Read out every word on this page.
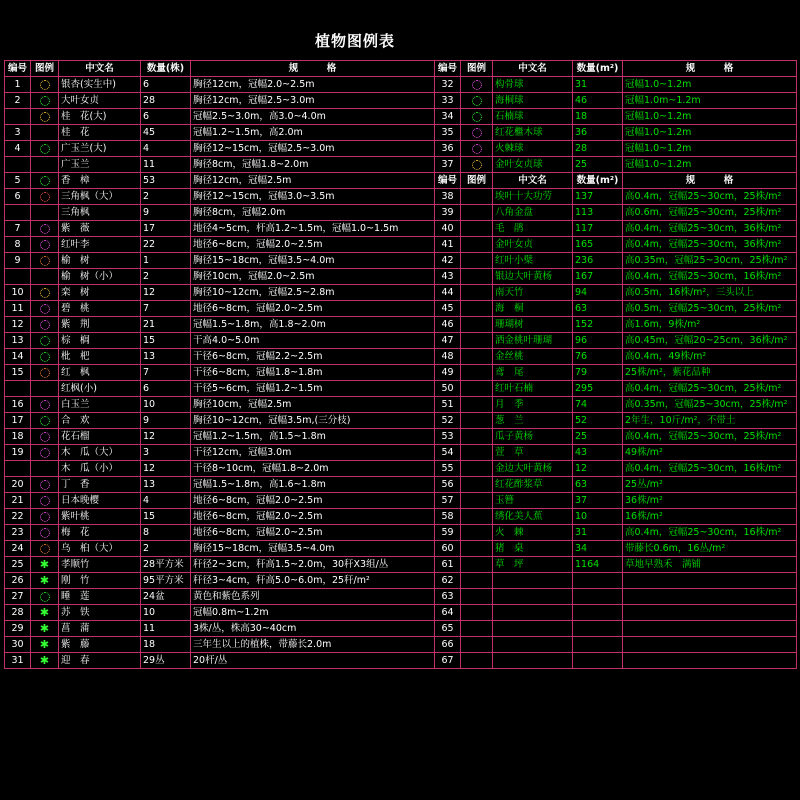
植物图例表
编号	图例	中文名	数量(株)	规　　　格	编号	图例	中文名	数量(m²)	规　　　格
1		银杏(实生中)	6	胸径12cm，冠幅2.0~2.5m	32		构骨球	31	冠幅1.0~1.2m
2		大叶女贞	28	胸径12cm，冠幅2.5~3.0m	33		海桐球	46	冠幅1.0m~1.2m
		桂　花(大)	6	冠幅2.5~3.0m，高3.0~4.0m	34		石楠球	18	冠幅1.0~1.2m
3		桂　花	45	冠幅1.2~1.5m，高2.0m	35		红花檵木球	36	冠幅1.0~1.2m
4		广玉兰(大)	4	胸径12~15cm，冠幅2.5~3.0m	36		火棘球	28	冠幅1.0~1.2m
		广玉兰	11	胸径8cm，冠幅1.8~2.0m	37		金叶女贞球	25	冠幅1.0~1.2m
5		香　樟	53	胸径12cm，冠幅2.5m	编号	图例	中文名	数量(m²)	规　　　格
6		三角枫（大）	2	胸径12~15cm，冠幅3.0~3.5m	38		埃叶十大功劳	137	高0.4m，冠幅25~30cm，25株/m²
		三角枫	9	胸径8cm，冠幅2.0m	39		八角金盘	113	高0.6m，冠幅25~30cm，25株/m²
7		紫　薇	17	地径4~5cm，杆高1.2~1.5m，冠幅1.0~1.5m	40		毛　鹃	117	高0.4m，冠幅25~30cm，36株/m²
8		红叶李	22	地径6~8cm，冠幅2.0~2.5m	41		金叶女贞	165	高0.4m，冠幅25~30cm，36株/m²
9		榆　树	1	胸径15~18cm，冠幅3.5~4.0m	42		红叶小檗	236	高0.35m，冠幅25~30cm，25株/m²
		榆　树（小）	2	胸径10cm，冠幅2.0~2.5m	43		银边大叶黄杨	167	高0.4m，冠幅25~30cm，16株/m²
10		栾　树	12	胸径10~12cm，冠幅2.5~2.8m	44		南天竹	94	高0.5m，16株/m²，三头以上
11		碧　桃	7	地径6~8cm，冠幅2.0~2.5m	45		海　桐	63	高0.5m，冠幅25~30cm，25株/m²
12		紫　荆	21	冠幅1.5~1.8m，高1.8~2.0m	46		珊瑚树	152	高1.6m，9株/m²
13		棕　榈	15	干高4.0~5.0m	47		洒金桃叶珊瑚	96	高0.45m，冠幅20~25cm，36株/m²
14		枇　杷	13	干径6~8cm，冠幅2.2~2.5m	48		金丝桃	76	高0.4m，49株/m²
15		红　枫	7	干径6~8cm，冠幅1.8~1.8m	49		鸢　尾	79	25株/m²，紫花品种
		红枫(小)	6	干径5~6cm，冠幅1.2~1.5m	50		红叶石楠	295	高0.4m，冠幅25~30cm，25株/m²
16		白玉兰	10	胸径10cm，冠幅2.5m	51		月　季	74	高0.35m，冠幅25~30cm，25株/m²
17		合　欢	9	胸径10~12cm，冠幅3.5m,(三分枝)	52		葱　兰	52	2年生，10斤/m²，不带土
18		花石榴	12	冠幅1.2~1.5m，高1.5~1.8m	53		瓜子黄杨	25	高0.4m，冠幅25~30cm，25株/m²
19		木　瓜（大）	3	干径12cm，冠幅3.0m	54		萱　草	43	49株/m²
		木　瓜（小）	12	干径8~10cm，冠幅1.8~2.0m	55		金边大叶黄杨	12	高0.4m，冠幅25~30cm，16株/m²
20		丁　香	13	冠幅1.5~1.8m，高1.6~1.8m	56		红花酢浆草	63	25丛/m²
21		日本晚樱	4	地径6~8cm，冠幅2.0~2.5m	57		玉簪	37	36株/m²
22		紫叶桃	15	地径6~8cm，冠幅2.0~2.5m	58		绣化美人蕉	10	16株/m²
23		梅　花	8	地径6~8cm，冠幅2.0~2.5m	59		火　棘	31	高0.4m，冠幅25~30cm，16株/m²
24		乌　桕（大）	2	胸径15~18cm，冠幅3.5~4.0m	60		猪　桌	34	带藤长0.6m，16丛/m²
25	✱	孝顺竹	28平方米	秆径2~3cm，秆高1.5~2.0m，30秆X3组/丛	61		草　坪	1164	草地早熟禾　满铺
26	✱	刚　竹	95平方米	秆径3~4cm，秆高5.0~6.0m，25秆/m²	62				
27		睡　莲	24盆	黄色和紫色系列	63				
28	✱	苏　铁	10	冠幅0.8m~1.2m	64				
29	✱	菖　蒲	11	3株/丛，株高30~40cm	65				
30	✱	紫　藤	18	三年生以上的植株，带藤长2.0m	66				
31	✱	迎　春	29丛	20杆/丛	67				
